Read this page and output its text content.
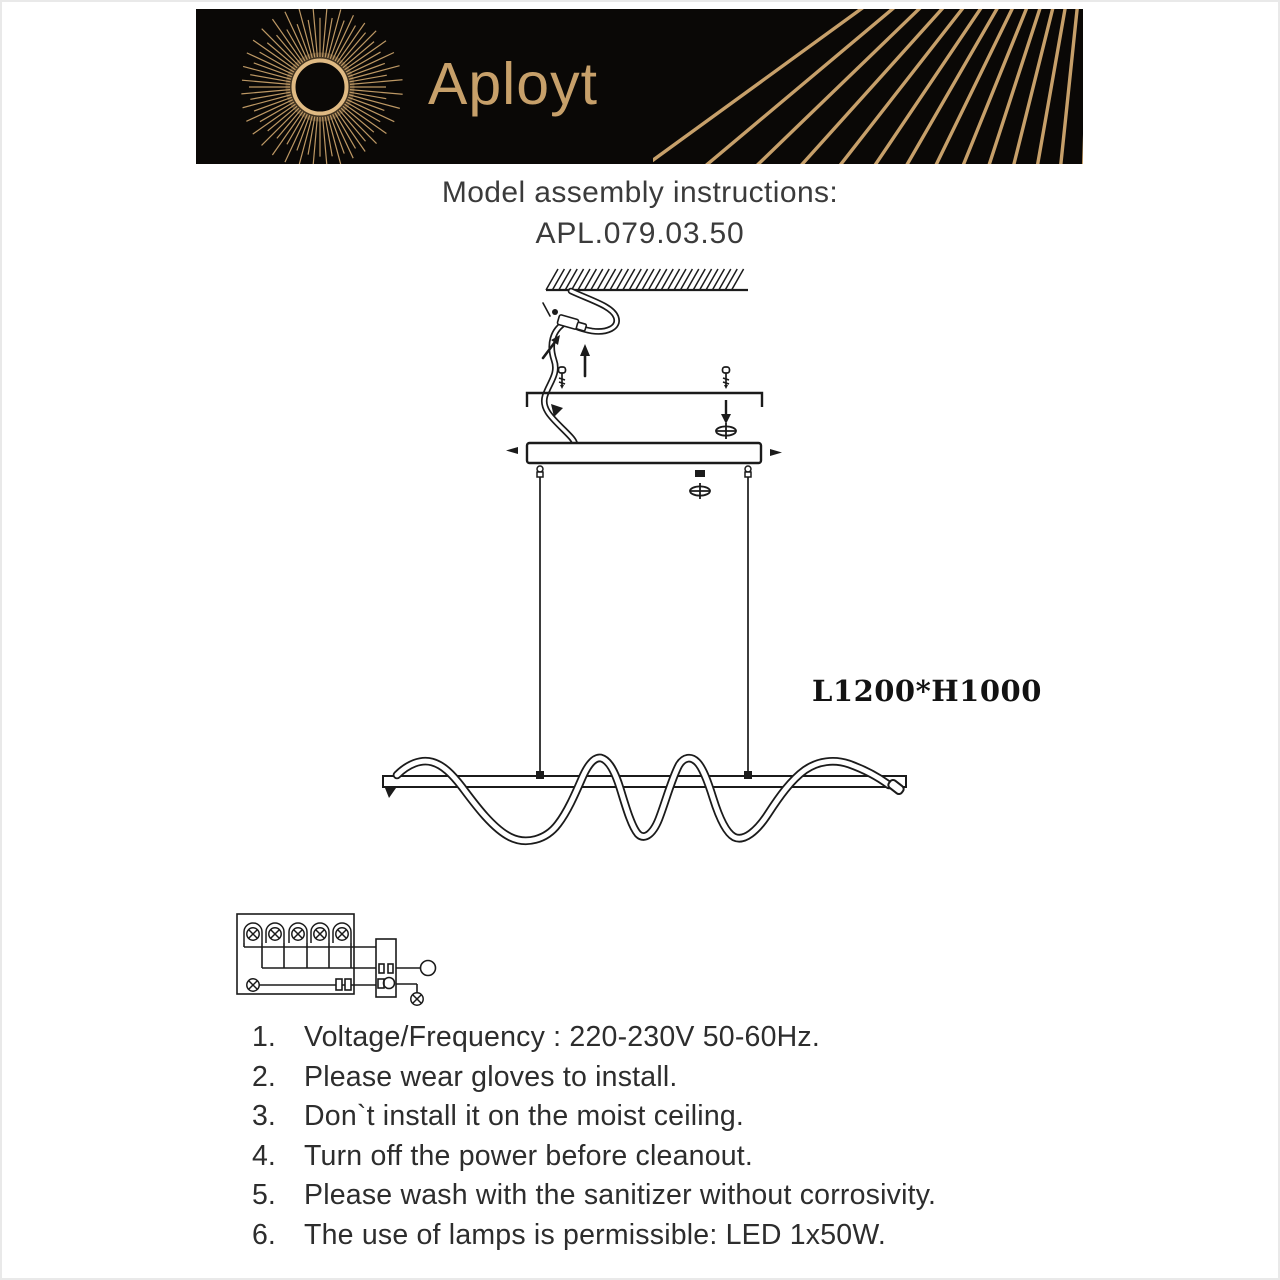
Aployt
Model assembly instructions:
APL.079.03.50
L1200*H1000
1. Voltage/Frequency : 220-230V 50-60Hz.
2. Please wear gloves to install.
3. Don`t install it on the moist ceiling.
4. Turn off the power before cleanout.
5. Please wash with the sanitizer without corrosivity.
6. The use of lamps is permissible: LED 1x50W.
